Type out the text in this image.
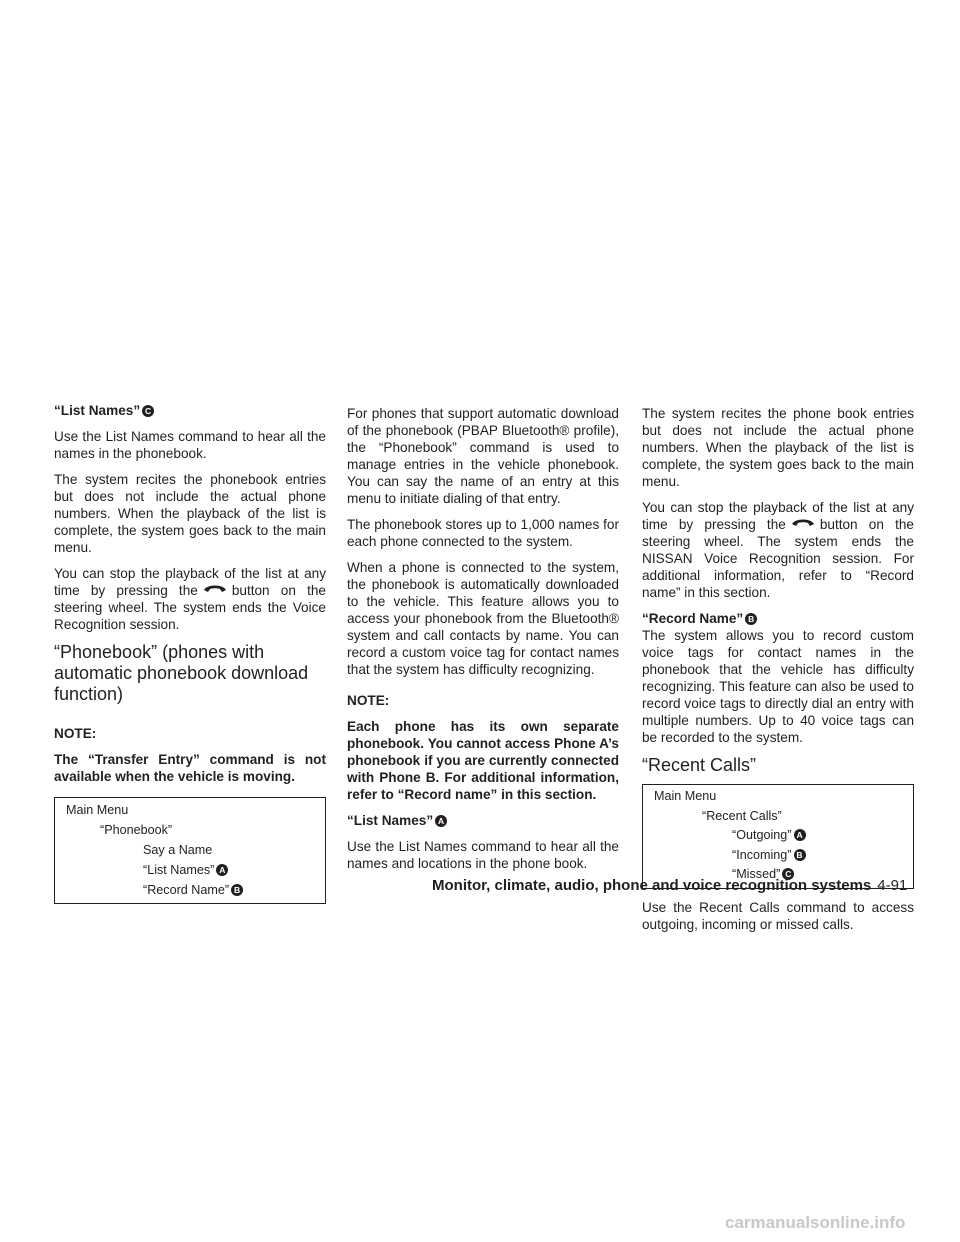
“List Names” C

Use the List Names command to hear all the names in the phonebook.

The system recites the phonebook entries but does not include the actual phone numbers. When the playback of the list is complete, the system goes back to the main menu.

You can stop the playback of the list at any time by pressing the	button on the steering wheel. The system ends the Voice Recognition session.

“Phonebook” (phones with automatic phonebook download function)

NOTE:

The “Transfer Entry” command is not available when the vehicle is moving.

Main Menu
“Phonebook”
Say a Name
“List Names” A
“Record Name” B

For phones that support automatic download of the phonebook (PBAP Bluetooth® profile), the “Phonebook” command is used to manage entries in the vehicle phonebook. You can say the name of an entry at this menu to initiate dialing of that entry.

The phonebook stores up to 1,000 names for each phone connected to the system.

When a phone is connected to the system, the phonebook is automatically downloaded to the vehicle. This feature allows you to access your phonebook from the Bluetooth® system and call contacts by name. You can record a custom voice tag for contact names that the system has difficulty recognizing.

NOTE:

Each phone has its own separate phonebook. You cannot access Phone A’s phonebook if you are currently connected with Phone B. For additional information, refer to “Record name” in this section.

“List Names” A

Use the List Names command to hear all the names and locations in the phone book.

The system recites the phone book entries but does not include the actual phone numbers. When the playback of the list is complete, the system goes back to the main menu.

You can stop the playback of the list at any time by pressing the	button on the steering wheel. The system ends the NISSAN Voice Recognition session. For additional information, refer to “Record name” in this section.

“Record Name” B

The system allows you to record custom voice tags for contact names in the phonebook that the vehicle has difficulty recognizing. This feature can also be used to record voice tags to directly dial an entry with multiple numbers. Up to 40 voice tags can be recorded to the system.

“Recent Calls”
Main Menu
“Recent Calls”
“Outgoing” A
“Incoming” B
“Missed” C

Use the Recent Calls command to access outgoing, incoming or missed calls.

Monitor, climate, audio, phone and voice recognition systems 4-91
carmanualsonline.info
